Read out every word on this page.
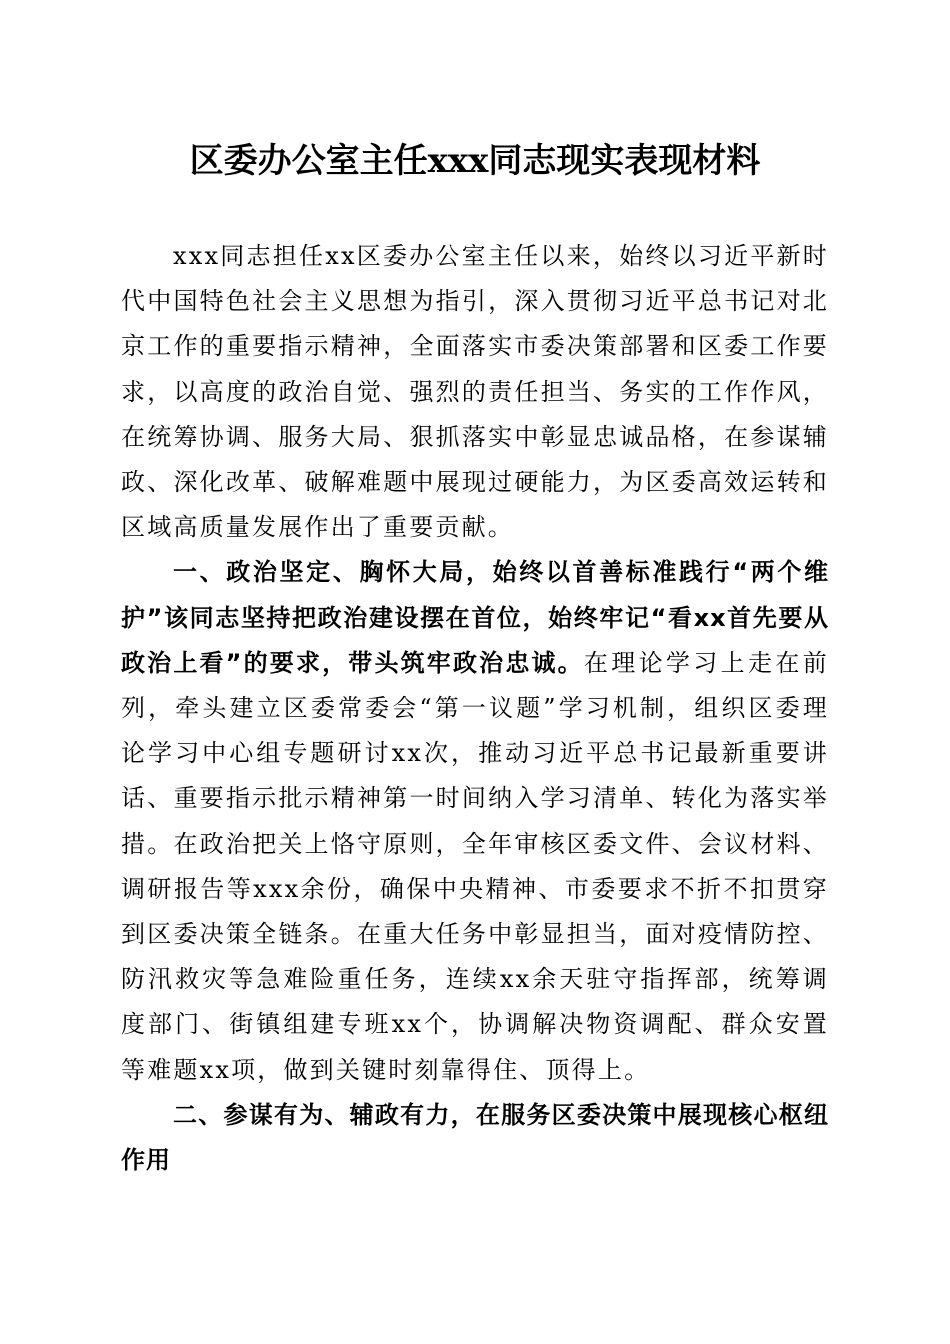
区委办公室主任xxx同志现实表现材料

xxx同志担任xx区委办公室主任以来，始终以习近平新时代中国特色社会主义思想为指引，深入贯彻习近平总书记对北京工作的重要指示精神，全面落实市委决策部署和区委工作要求，以高度的政治自觉、强烈的责任担当、务实的工作作风，在统筹协调、服务大局、狠抓落实中彰显忠诚品格，在参谋辅政、深化改革、破解难题中展现过硬能力，为区委高效运转和区域高质量发展作出了重要贡献。

一、政治坚定、胸怀大局，始终以首善标准践行“两个维护”该同志坚持把政治建设摆在首位，始终牢记“看xx首先要从政治上看”的要求，带头筑牢政治忠诚。在理论学习上走在前列，牵头建立区委常委会“第一议题”学习机制，组织区委理论学习中心组专题研讨xx次，推动习近平总书记最新重要讲话、重要指示批示精神第一时间纳入学习清单、转化为落实举措。在政治把关上恪守原则，全年审核区委文件、会议材料、调研报告等xxx余份，确保中央精神、市委要求不折不扣贯穿到区委决策全链条。在重大任务中彰显担当，面对疫情防控、防汛救灾等急难险重任务，连续xx余天驻守指挥部，统筹调度部门、街镇组建专班xx个，协调解决物资调配、群众安置等难题xx项，做到关键时刻靠得住、顶得上。

二、参谋有为、辅政有力，在服务区委决策中展现核心枢纽作用
